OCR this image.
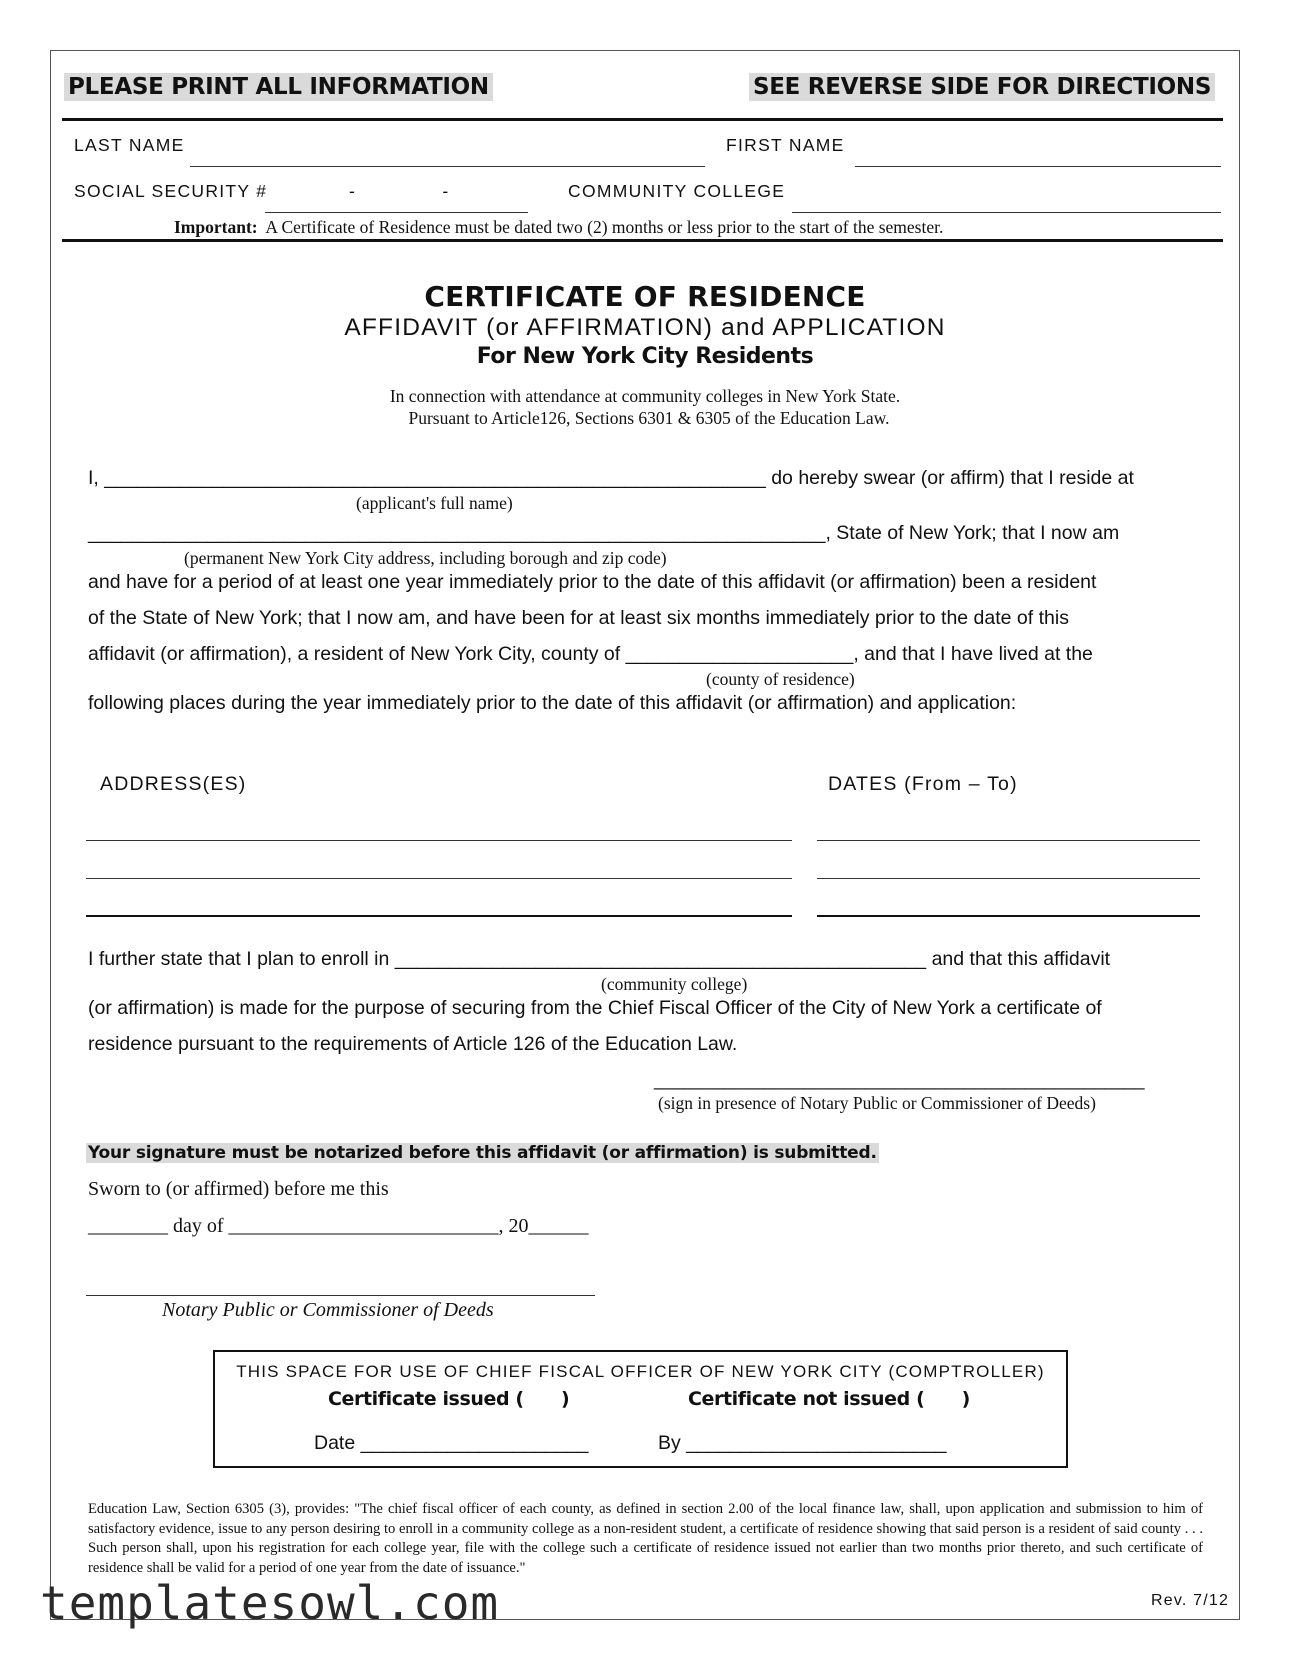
PLEASE PRINT ALL INFORMATION	SEE REVERSE SIDE FOR DIRECTIONS
LAST NAME	FIRST NAME
SOCIAL SECURITY #	-              -	COMMUNITY COLLEGE
Important: A Certificate of Residence must be dated two (2) months or less prior to the start of the semester.
CERTIFICATE OF RESIDENCE
AFFIDAVIT (or AFFIRMATION) and APPLICATION
For New York City Residents
In connection with attendance at community colleges in New York State.
Pursuant to Article126, Sections 6301 & 6305 of the Education Law.
I, _____________________________________________________________ do hereby swear (or affirm) that I reside at
(applicant's full name)
____________________________________________________________________, State of New York; that I now am
(permanent New York City address, including borough and zip code)
and have for a period of at least one year immediately prior to the date of this affidavit (or affirmation) been a resident
of the State of New York; that I now am, and have been for at least six months immediately prior to the date of this
affidavit (or affirmation), a resident of New York City, county of _____________________, and that I have lived at the
(county of residence)
following places during the year immediately prior to the date of this affidavit (or affirmation) and application:
ADDRESS(ES)	DATES (From – To)
I further state that I plan to enroll in _________________________________________________ and that this affidavit
(community college)
(or affirmation) is made for the purpose of securing from the Chief Fiscal Officer of the City of New York a certificate of
residence pursuant to the requirements of Article 126 of the Education Law.
_________________________________________________
(sign in presence of Notary Public or Commissioner of Deeds)
Your signature must be notarized before this affidavit (or affirmation) is submitted.
Sworn to (or affirmed) before me this
________ day of ___________________________, 20______
Notary Public or Commissioner of Deeds
THIS SPACE FOR USE OF CHIEF FISCAL OFFICER OF NEW YORK CITY (COMPTROLLER)
Certificate issued (      )	Certificate not issued (      )
Date _____________________	By ________________________
Education Law, Section 6305 (3), provides: "The chief fiscal officer of each county, as defined in section 2.00 of the local finance law, shall, upon application and submission to him of satisfactory evidence, issue to any person desiring to enroll in a community college as a non-resident student, a certificate of residence showing that said person is a resident of said county . . . Such person shall, upon his registration for each college year, file with the college such a certificate of residence issued not earlier than two months prior thereto, and such certificate of residence shall be valid for a period of one year from the date of issuance."
templatesowl.com	Rev. 7/12
